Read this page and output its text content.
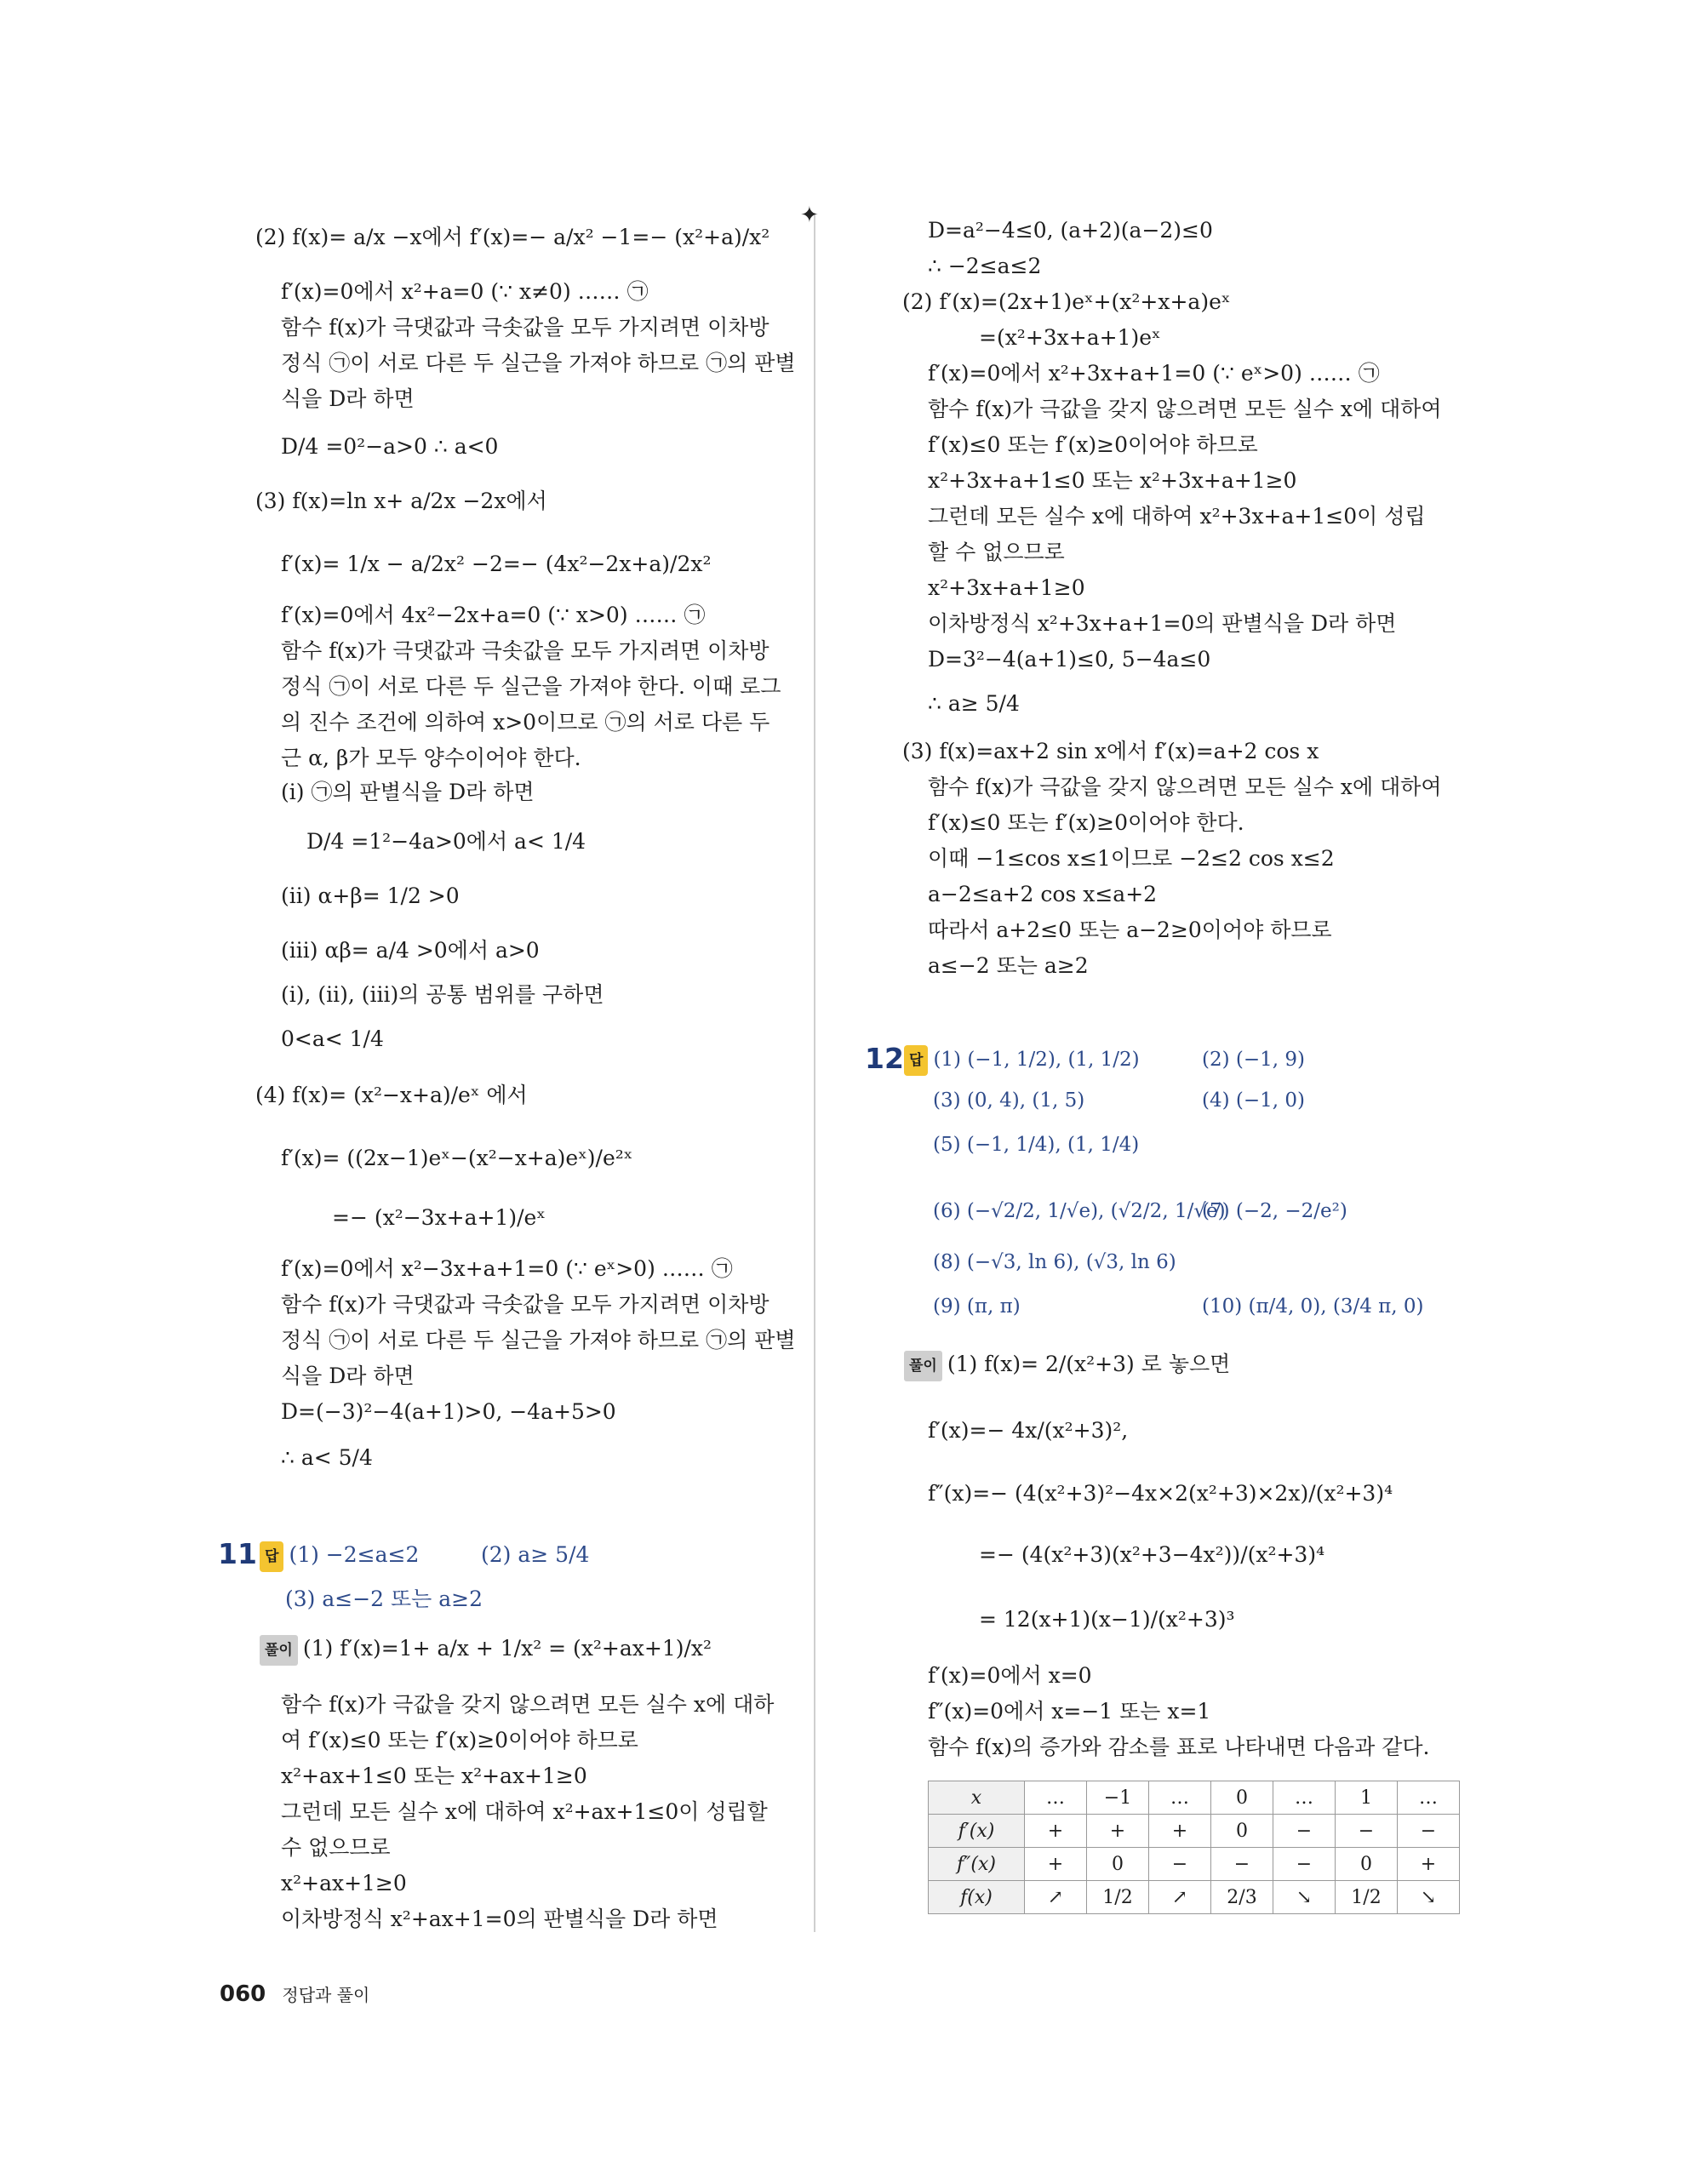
✦
(2) f(x)= a/x −x에서 f′(x)=− a/x² −1=− (x²+a)/x²
f′(x)=0에서 x²+a=0 (∵ x≠0) …… ㉠
함수 f(x)가 극댓값과 극솟값을 모두 가지려면 이차방
정식 ㉠이 서로 다른 두 실근을 가져야 하므로 ㉠의 판별
식을 D라 하면
D/4 =0²−a>0 ∴ a<0
(3) f(x)=ln x+ a/2x −2x에서
f′(x)= 1/x − a/2x² −2=− (4x²−2x+a)/2x²
f′(x)=0에서 4x²−2x+a=0 (∵ x>0) …… ㉠
함수 f(x)가 극댓값과 극솟값을 모두 가지려면 이차방
정식 ㉠이 서로 다른 두 실근을 가져야 한다. 이때 로그
의 진수 조건에 의하여 x>0이므로 ㉠의 서로 다른 두
근 α, β가 모두 양수이어야 한다.
(ⅰ) ㉠의 판별식을 D라 하면
D/4 =1²−4a>0에서 a< 1/4
(ⅱ) α+β= 1/2 >0
(ⅲ) αβ= a/4 >0에서 a>0
(ⅰ), (ⅱ), (ⅲ)의 공통 범위를 구하면
0<a< 1/4
(4) f(x)= (x²−x+a)/eˣ 에서
f′(x)= ((2x−1)eˣ−(x²−x+a)eˣ)/e²ˣ
=− (x²−3x+a+1)/eˣ
f′(x)=0에서 x²−3x+a+1=0 (∵ eˣ>0) …… ㉠
함수 f(x)가 극댓값과 극솟값을 모두 가지려면 이차방
정식 ㉠이 서로 다른 두 실근을 가져야 하므로 ㉠의 판별
식을 D라 하면
D=(−3)²−4(a+1)>0, −4a+5>0
∴ a< 5/4
11 답 (1) −2≤a≤2	(2) a≥ 5/4
(3) a≤−2 또는 a≥2
풀이 (1) f′(x)=1+ a/x + 1/x² = (x²+ax+1)/x²
함수 f(x)가 극값을 갖지 않으려면 모든 실수 x에 대하
여 f′(x)≤0 또는 f′(x)≥0이어야 하므로
x²+ax+1≤0 또는 x²+ax+1≥0
그런데 모든 실수 x에 대하여 x²+ax+1≤0이 성립할
수 없으므로
x²+ax+1≥0
이차방정식 x²+ax+1=0의 판별식을 D라 하면
D=a²−4≤0, (a+2)(a−2)≤0
∴ −2≤a≤2
(2) f′(x)=(2x+1)eˣ+(x²+x+a)eˣ
=(x²+3x+a+1)eˣ
f′(x)=0에서 x²+3x+a+1=0 (∵ eˣ>0) …… ㉠
함수 f(x)가 극값을 갖지 않으려면 모든 실수 x에 대하여
f′(x)≤0 또는 f′(x)≥0이어야 하므로
x²+3x+a+1≤0 또는 x²+3x+a+1≥0
그런데 모든 실수 x에 대하여 x²+3x+a+1≤0이 성립
할 수 없으므로
x²+3x+a+1≥0
이차방정식 x²+3x+a+1=0의 판별식을 D라 하면
D=3²−4(a+1)≤0, 5−4a≤0
∴ a≥ 5/4
(3) f(x)=ax+2 sin x에서 f′(x)=a+2 cos x
함수 f(x)가 극값을 갖지 않으려면 모든 실수 x에 대하여
f′(x)≤0 또는 f′(x)≥0이어야 한다.
이때 −1≤cos x≤1이므로 −2≤2 cos x≤2
a−2≤a+2 cos x≤a+2
따라서 a+2≤0 또는 a−2≥0이어야 하므로
a≤−2 또는 a≥2
12 답 (1) (−1, 1/2), (1, 1/2)	(2) (−1, 9)
(3) (0, 4), (1, 5)	(4) (−1, 0)
(5) (−1, 1/4), (1, 1/4)
(6) (−√2/2, 1/√e), (√2/2, 1/√e)
(7) (−2, −2/e²)
(8) (−√3, ln 6), (√3, ln 6)
(9) (π, π)	(10) (π/4, 0), (3/4 π, 0)
풀이 (1) f(x)= 2/(x²+3) 로 놓으면
f′(x)=− 4x/(x²+3)²,
f″(x)=− (4(x²+3)²−4x×2(x²+3)×2x)/(x²+3)⁴
=− (4(x²+3)(x²+3−4x²))/(x²+3)⁴
= 12(x+1)(x−1)/(x²+3)³
f′(x)=0에서 x=0
f″(x)=0에서 x=−1 또는 x=1
함수 f(x)의 증가와 감소를 표로 나타내면 다음과 같다.
x	…	−1	…	0	…	1	…
f′(x)	+	+	+	0	−	−	−
f″(x)	+	0	−	−	−	0	+
f(x)	↗	1/2	↗	2/3	↘	1/2	↘
060 정답과 풀이
